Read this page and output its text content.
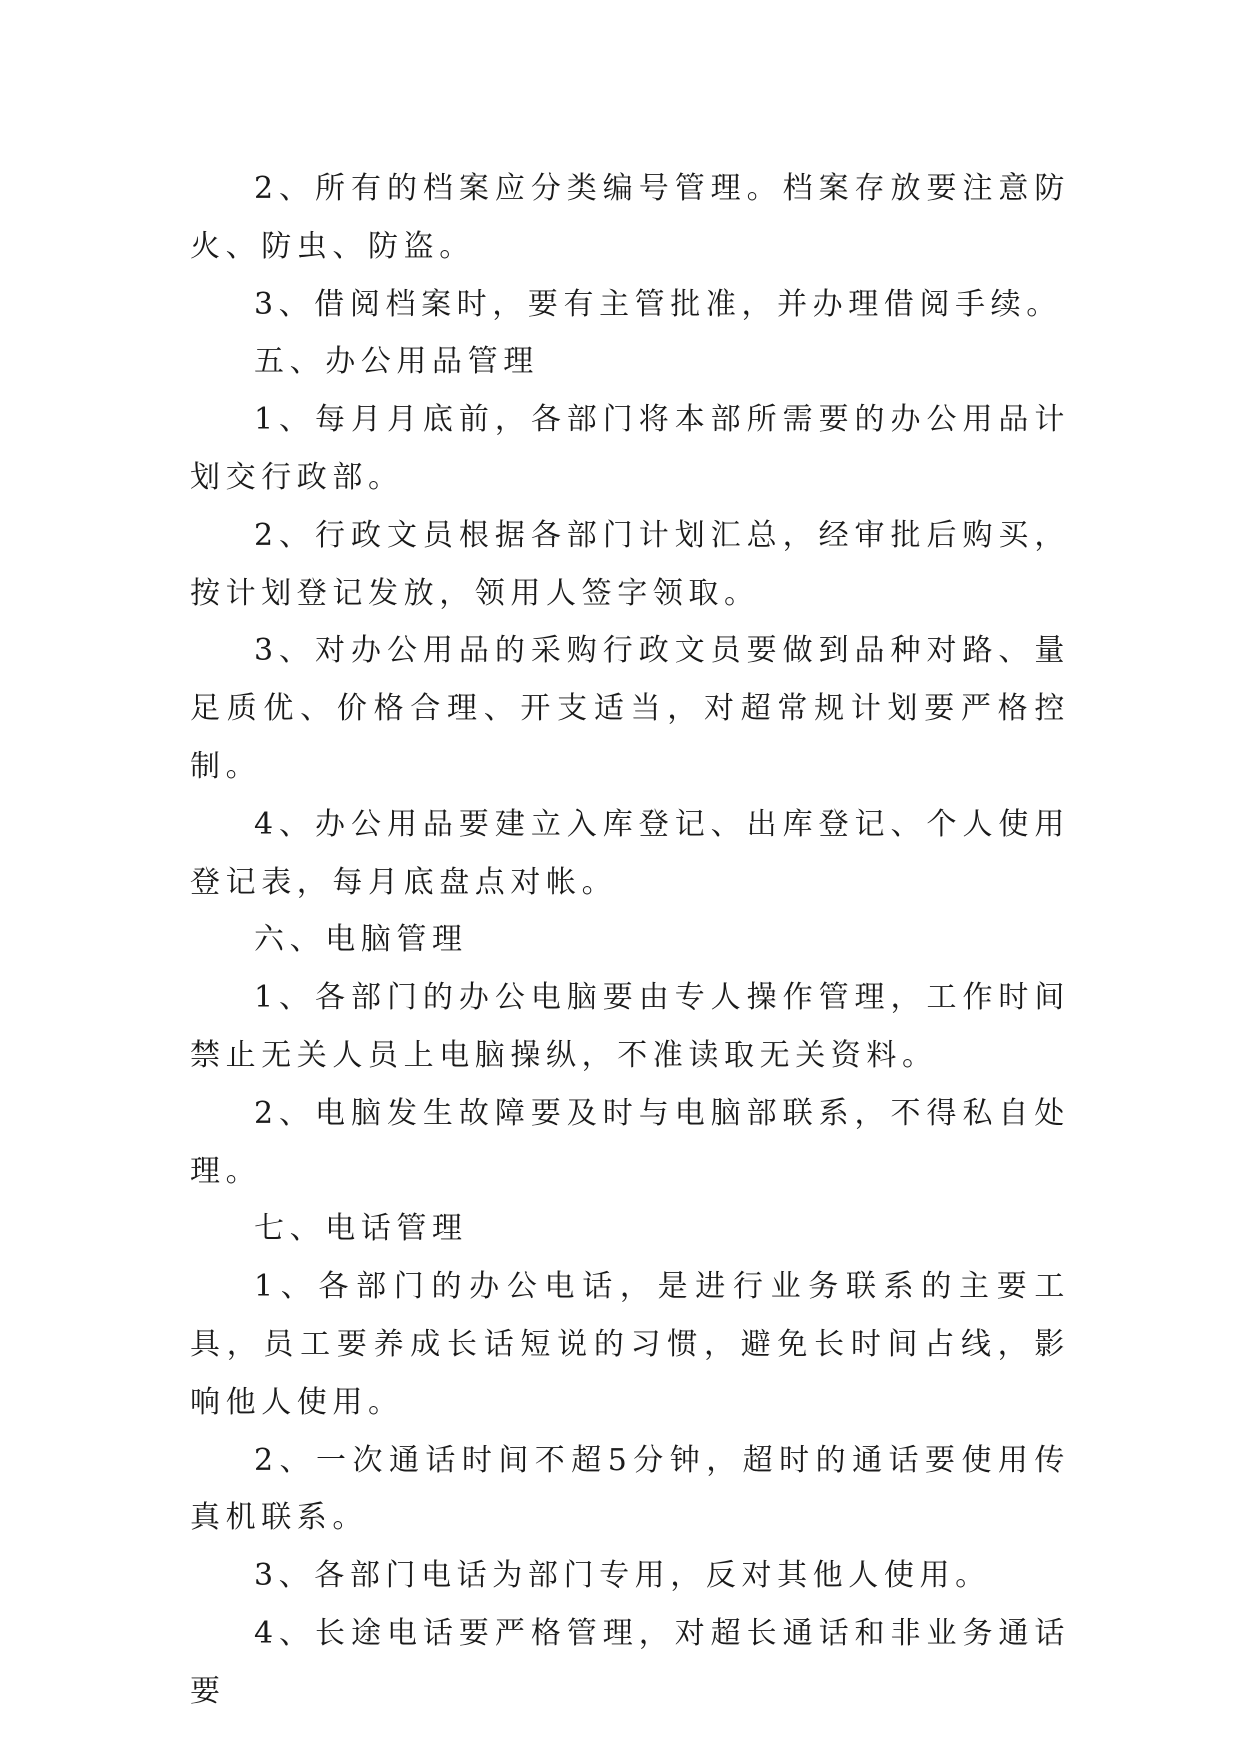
2、所有的档案应分类编号管理。档案存放要注意防火、防虫、防盗。

3、借阅档案时，要有主管批准，并办理借阅手续。

五、办公用品管理

1、每月月底前，各部门将本部所需要的办公用品计划交行政部。

2、行政文员根据各部门计划汇总，经审批后购买，按计划登记发放，领用人签字领取。

3、对办公用品的采购行政文员要做到品种对路、量足质优、价格合理、开支适当，对超常规计划要严格控制。

4、办公用品要建立入库登记、出库登记、个人使用登记表，每月底盘点对帐。

六、电脑管理

1、各部门的办公电脑要由专人操作管理，工作时间禁止无关人员上电脑操纵，不准读取无关资料。

2、电脑发生故障要及时与电脑部联系，不得私自处理。

七、电话管理

1、各部门的办公电话，是进行业务联系的主要工具，员工要养成长话短说的习惯，避免长时间占线，影响他人使用。

2、一次通话时间不超5分钟，超时的通话要使用传真机联系。

3、各部门电话为部门专用，反对其他人使用。

4、长途电话要严格管理，对超长通话和非业务通话要
